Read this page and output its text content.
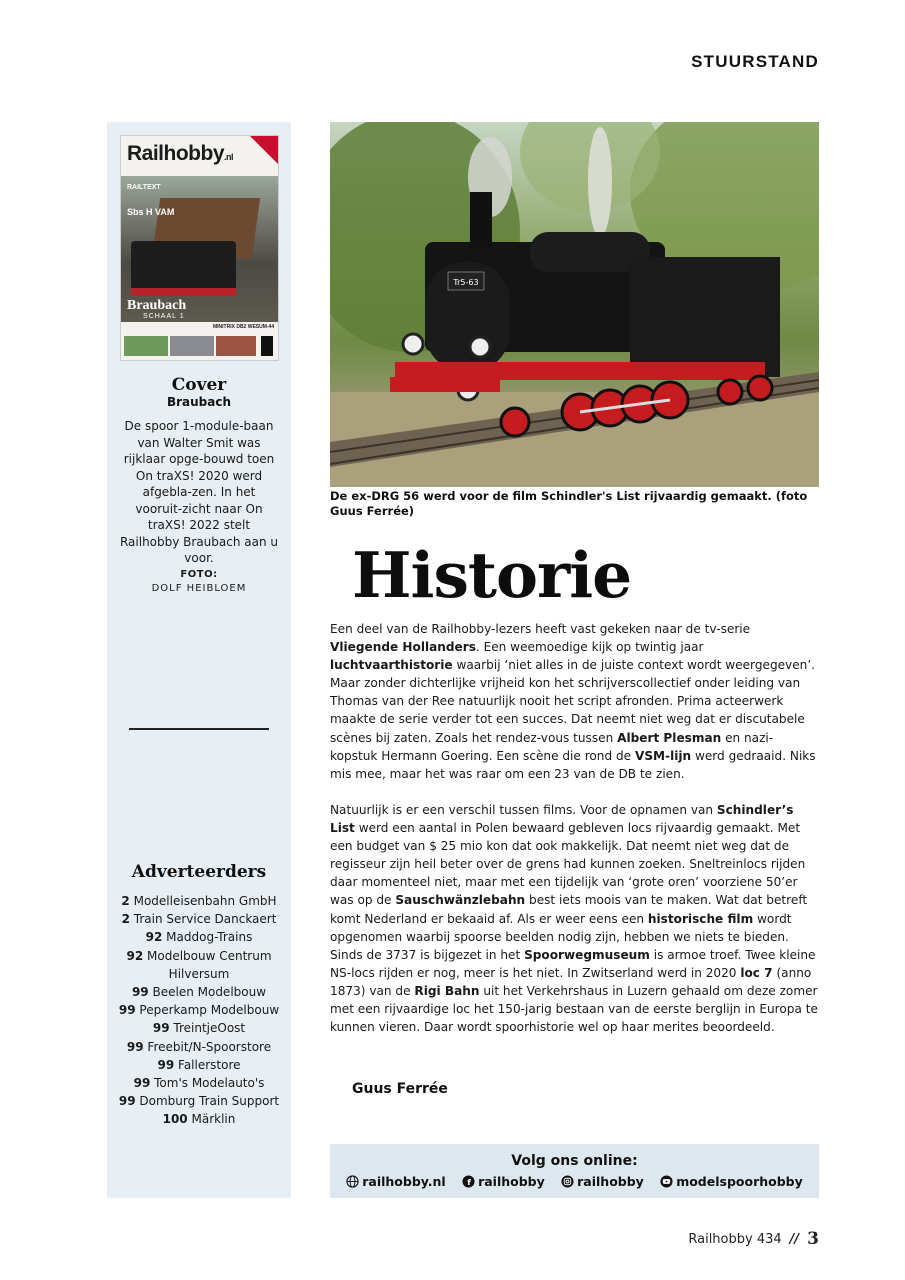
STUURSTAND
Railhobby.nl
RAILTEXT
Sbs H VAM
Braubach
SCHAAL 1
MINITRIX DB2 WESUM-44
Cover
Braubach
De spoor 1-module-baan van Walter Smit was rijklaar opge-bouwd toen On traXS! 2020 werd afgebla-zen. In het vooruit-zicht naar On traXS! 2022 stelt Railhobby Braubach aan u voor.
FOTO:
DOLF HEIBLOEM
Adverteerders
2 Modelleisenbahn GmbH
2 Train Service Danckaert
92 Maddog-Trains
92 Modelbouw Centrum Hilversum
99 Beelen Modelbouw
99 Peperkamp Modelbouw
99 TreintjeOost
99 Freebit/N-Spoorstore
99 Fallerstore
99 Tom's Modelauto's
99 Domburg Train Support
100 Märklin
Tr5-63
De ex-DRG 56 werd voor de film Schindler's List rijvaardig gemaakt. (foto Guus Ferrée)
Historie

Een deel van de Railhobby-lezers heeft vast gekeken naar de tv-serie Vliegende Hollanders. Een weemoedige kijk op twintig jaar luchtvaarthistorie waarbij ‘niet alles in de juiste context wordt weergegeven’. Maar zonder dichterlijke vrijheid kon het schrijverscollectief onder leiding van Thomas van der Ree natuurlijk nooit het script afronden. Prima acteerwerk maakte de serie verder tot een succes. Dat neemt niet weg dat er discutabele scènes bij zaten. Zoals het rendez-vous tussen Albert Plesman en nazi-kopstuk Hermann Goering. Een scène die rond de VSM-lijn werd gedraaid. Niks mis mee, maar het was raar om een 23 van de DB te zien.

Natuurlijk is er een verschil tussen films. Voor de opnamen van Schindler’s List werd een aantal in Polen bewaard gebleven locs rijvaardig gemaakt. Met een budget van $ 25 mio kon dat ook makkelijk. Dat neemt niet weg dat de regisseur zijn heil beter over de grens had kunnen zoeken. Sneltreinlocs rijden daar momenteel niet, maar met een tijdelijk van ‘grote oren’ voorziene 50’er was op de Sauschwänzlebahn best iets moois van te maken. Wat dat betreft komt Nederland er bekaaid af. Als er weer eens een historische film wordt opgenomen waarbij spoorse beelden nodig zijn, hebben we niets te bieden. Sinds de 3737 is bijgezet in het Spoorwegmuseum is armoe troef. Twee kleine NS-locs rijden er nog, meer is het niet. In Zwitserland werd in 2020 loc 7 (anno 1873) van de Rigi Bahn uit het Verkehrshaus in Luzern gehaald om deze zomer met een rijvaardige loc het 150-jarig bestaan van de eerste berglijn in Europa te kunnen vieren. Daar wordt spoorhistorie wel op haar merites beoordeeld.

Guus Ferrée
Volg ons online:
railhobby.nl
f railhobby
	railhobby
	modelspoorhobby
Railhobby 434 // 3
